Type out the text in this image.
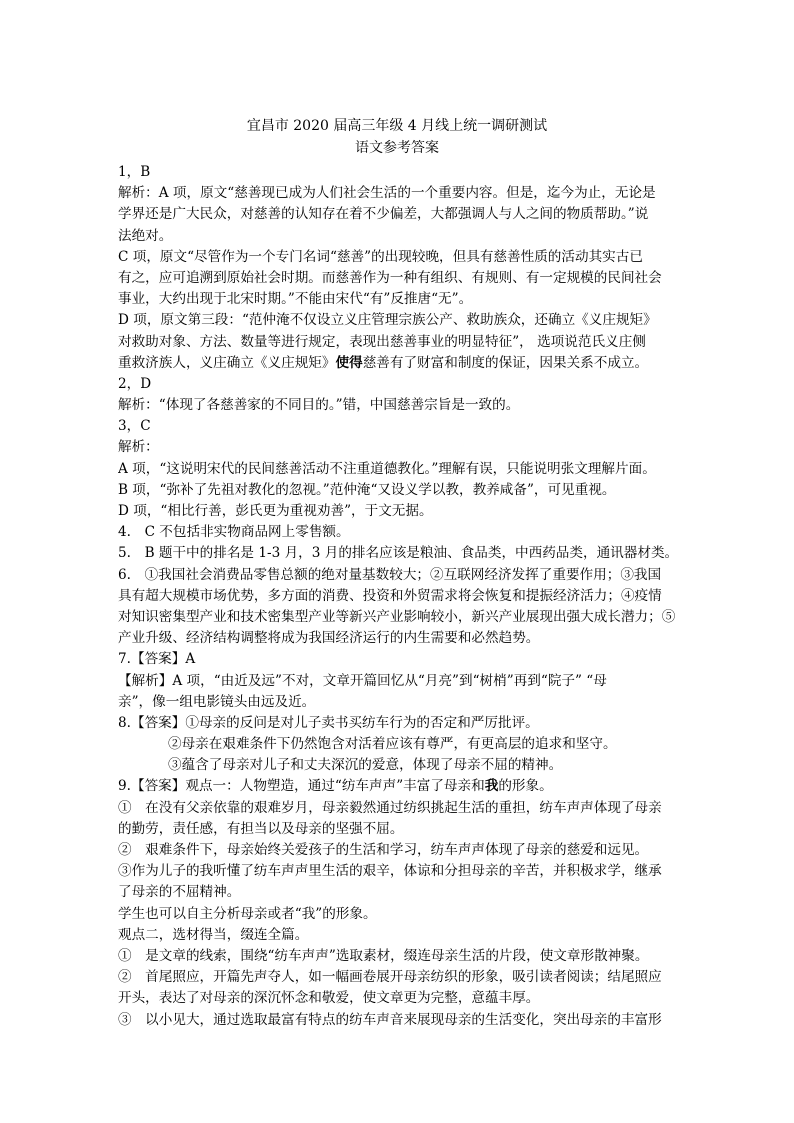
宜昌市 2020 届高三年级 4 月线上统一调研测试
语文参考答案
1，B
解析：A 项，原文“慈善现已成为人们社会生活的一个重要内容。但是，迄今为止，无论是
学界还是广大民众，对慈善的认知存在着不少偏差，大都强调人与人之间的物质帮助。”说
法绝对。
C 项，原文“尽管作为一个专门名词“慈善”的出现较晚，但具有慈善性质的活动其实古已
有之，应可追溯到原始社会时期。而慈善作为一种有组织、有规则、有一定规模的民间社会
事业，大约出现于北宋时期。”不能由宋代“有”反推唐“无”。
D 项，原文第三段：“范仲淹不仅设立义庄管理宗族公产、救助族众，还确立《义庄规矩》
对救助对象、方法、数量等进行规定，表现出慈善事业的明显特征”， 选项说范氏义庄侧
重救济族人，义庄确立《义庄规矩》使得慈善有了财富和制度的保证，因果关系不成立。
2，D
解析：“体现了各慈善家的不同目的。”错，中国慈善宗旨是一致的。
3，C
解析：
A 项，“这说明宋代的民间慈善活动不注重道德教化。”理解有误，只能说明张文理解片面。
B 项，“弥补了先祖对教化的忽视。”范仲淹“又设义学以教，教养咸备”，可见重视。
D 项，“相比行善，彭氏更为重视劝善”，于文无据。
4.　C 不包括非实物商品网上零售额。
5.　B 题干中的排名是 1-3 月，3 月的排名应该是粮油、食品类，中西药品类，通讯器材类。
6.　①我国社会消费品零售总额的绝对量基数较大；②互联网经济发挥了重要作用；③我国
具有超大规模市场优势，多方面的消费、投资和外贸需求将会恢复和提振经济活力；④疫情
对知识密集型产业和技术密集型产业等新兴产业影响较小，新兴产业展现出强大成长潜力；⑤
产业升级、经济结构调整将成为我国经济运行的内生需要和必然趋势。
7.【答案】A
【解析】A 项，“由近及远”不对，文章开篇回忆从“月亮”到“树梢”再到“院子” “母
亲”，像一组电影镜头由远及近。
8.【答案】①母亲的反问是对儿子卖书买纺车行为的否定和严厉批评。
②母亲在艰难条件下仍然饱含对活着应该有尊严，有更高层的追求和坚守。
③蕴含了母亲对儿子和丈夫深沉的爱意，体现了母亲不屈的精神。
9.【答案】观点一：人物塑造，通过“纺车声声”丰富了母亲和我的形象。
①　在没有父亲依靠的艰难岁月，母亲毅然通过纺织挑起生活的重担，纺车声声体现了母亲
的勤劳，责任感，有担当以及母亲的坚强不屈。
②　艰难条件下，母亲始终关爱孩子的生活和学习，纺车声声体现了母亲的慈爱和远见。
③作为儿子的我听懂了纺车声声里生活的艰辛，体谅和分担母亲的辛苦，并积极求学，继承
了母亲的不屈精神。
学生也可以自主分析母亲或者“我”的形象。
观点二，选材得当，缀连全篇。
①　是文章的线索，围绕“纺车声声”选取素材，缀连母亲生活的片段，使文章形散神聚。
②　首尾照应，开篇先声夺人，如一幅画卷展开母亲纺织的形象，吸引读者阅读；结尾照应
开头，表达了对母亲的深沉怀念和敬爱，使文章更为完整，意蕴丰厚。
③　以小见大，通过选取最富有特点的纺车声音来展现母亲的生活变化，突出母亲的丰富形
